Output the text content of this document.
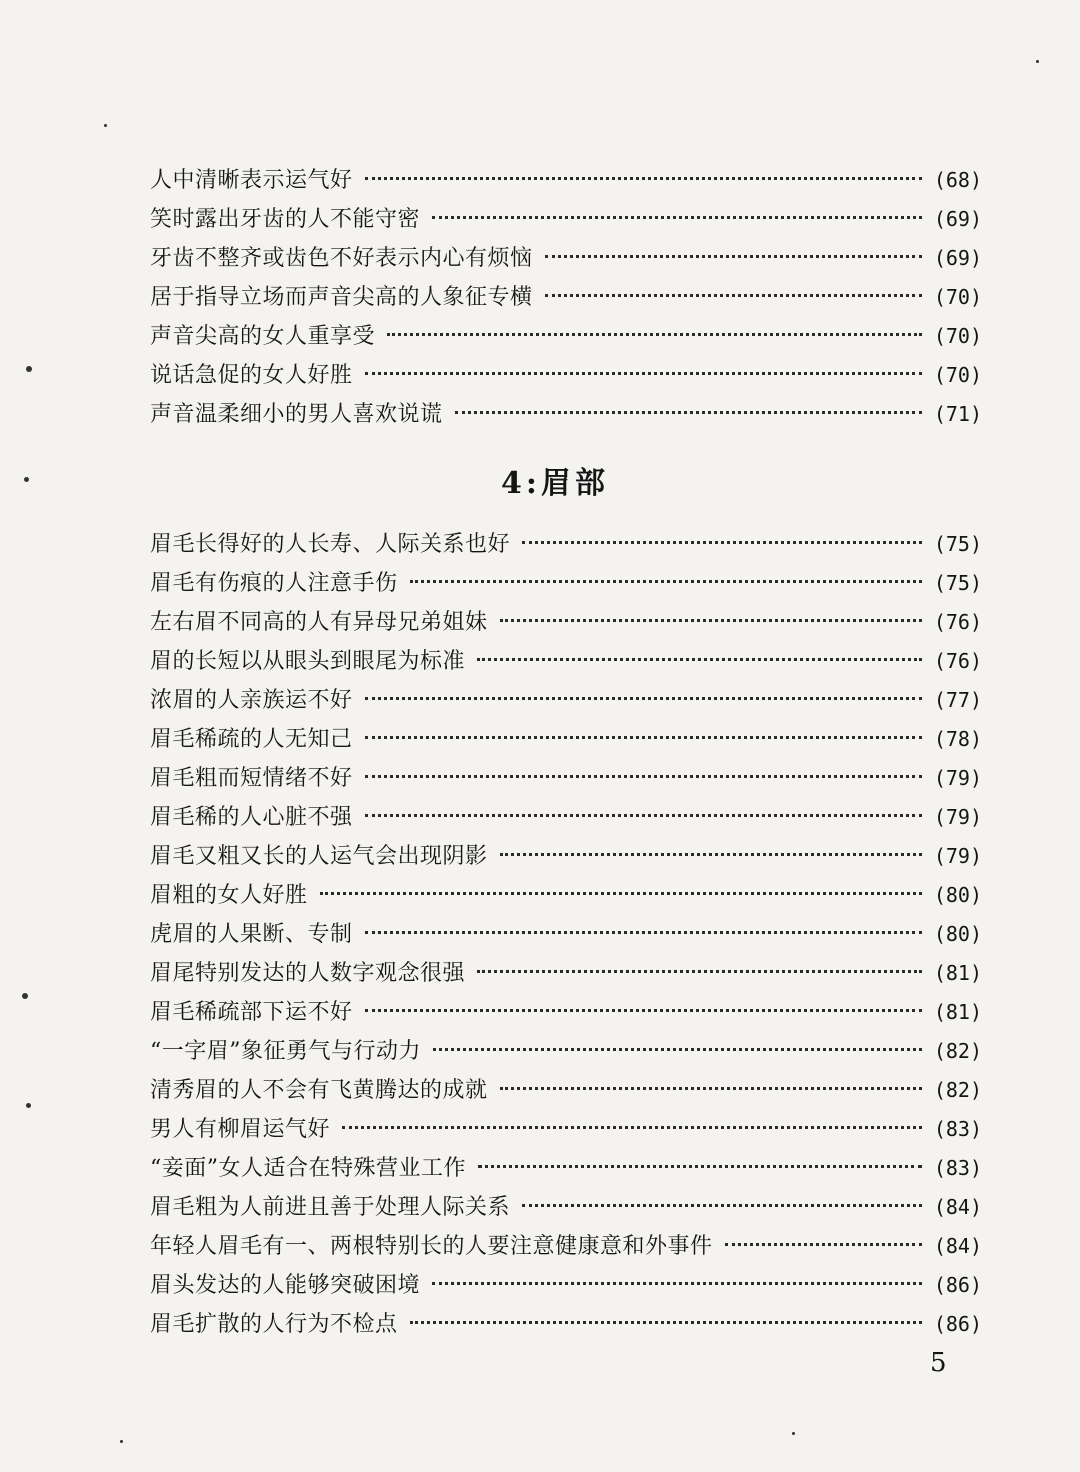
人中清晰表示运气好	(68)
笑时露出牙齿的人不能守密	(69)
牙齿不整齐或齿色不好表示内心有烦恼	(69)
居于指导立场而声音尖高的人象征专横	(70)
声音尖高的女人重享受	(70)
说话急促的女人好胜	(70)
声音温柔细小的男人喜欢说谎	(71)
4:眉部
眉毛长得好的人长寿、人际关系也好	(75)
眉毛有伤痕的人注意手伤	(75)
左右眉不同高的人有异母兄弟姐妹	(76)
眉的长短以从眼头到眼尾为标准	(76)
浓眉的人亲族运不好	(77)
眉毛稀疏的人无知己	(78)
眉毛粗而短情绪不好	(79)
眉毛稀的人心脏不强	(79)
眉毛又粗又长的人运气会出现阴影	(79)
眉粗的女人好胜	(80)
虎眉的人果断、专制	(80)
眉尾特别发达的人数字观念很强	(81)
眉毛稀疏部下运不好	(81)
“一字眉”象征勇气与行动力	(82)
清秀眉的人不会有飞黄腾达的成就	(82)
男人有柳眉运气好	(83)
“妾面”女人适合在特殊营业工作	(83)
眉毛粗为人前进且善于处理人际关系	(84)
年轻人眉毛有一、两根特别长的人要注意健康意和外事件	(84)
眉头发达的人能够突破困境	(86)
眉毛扩散的人行为不检点	(86)
5
